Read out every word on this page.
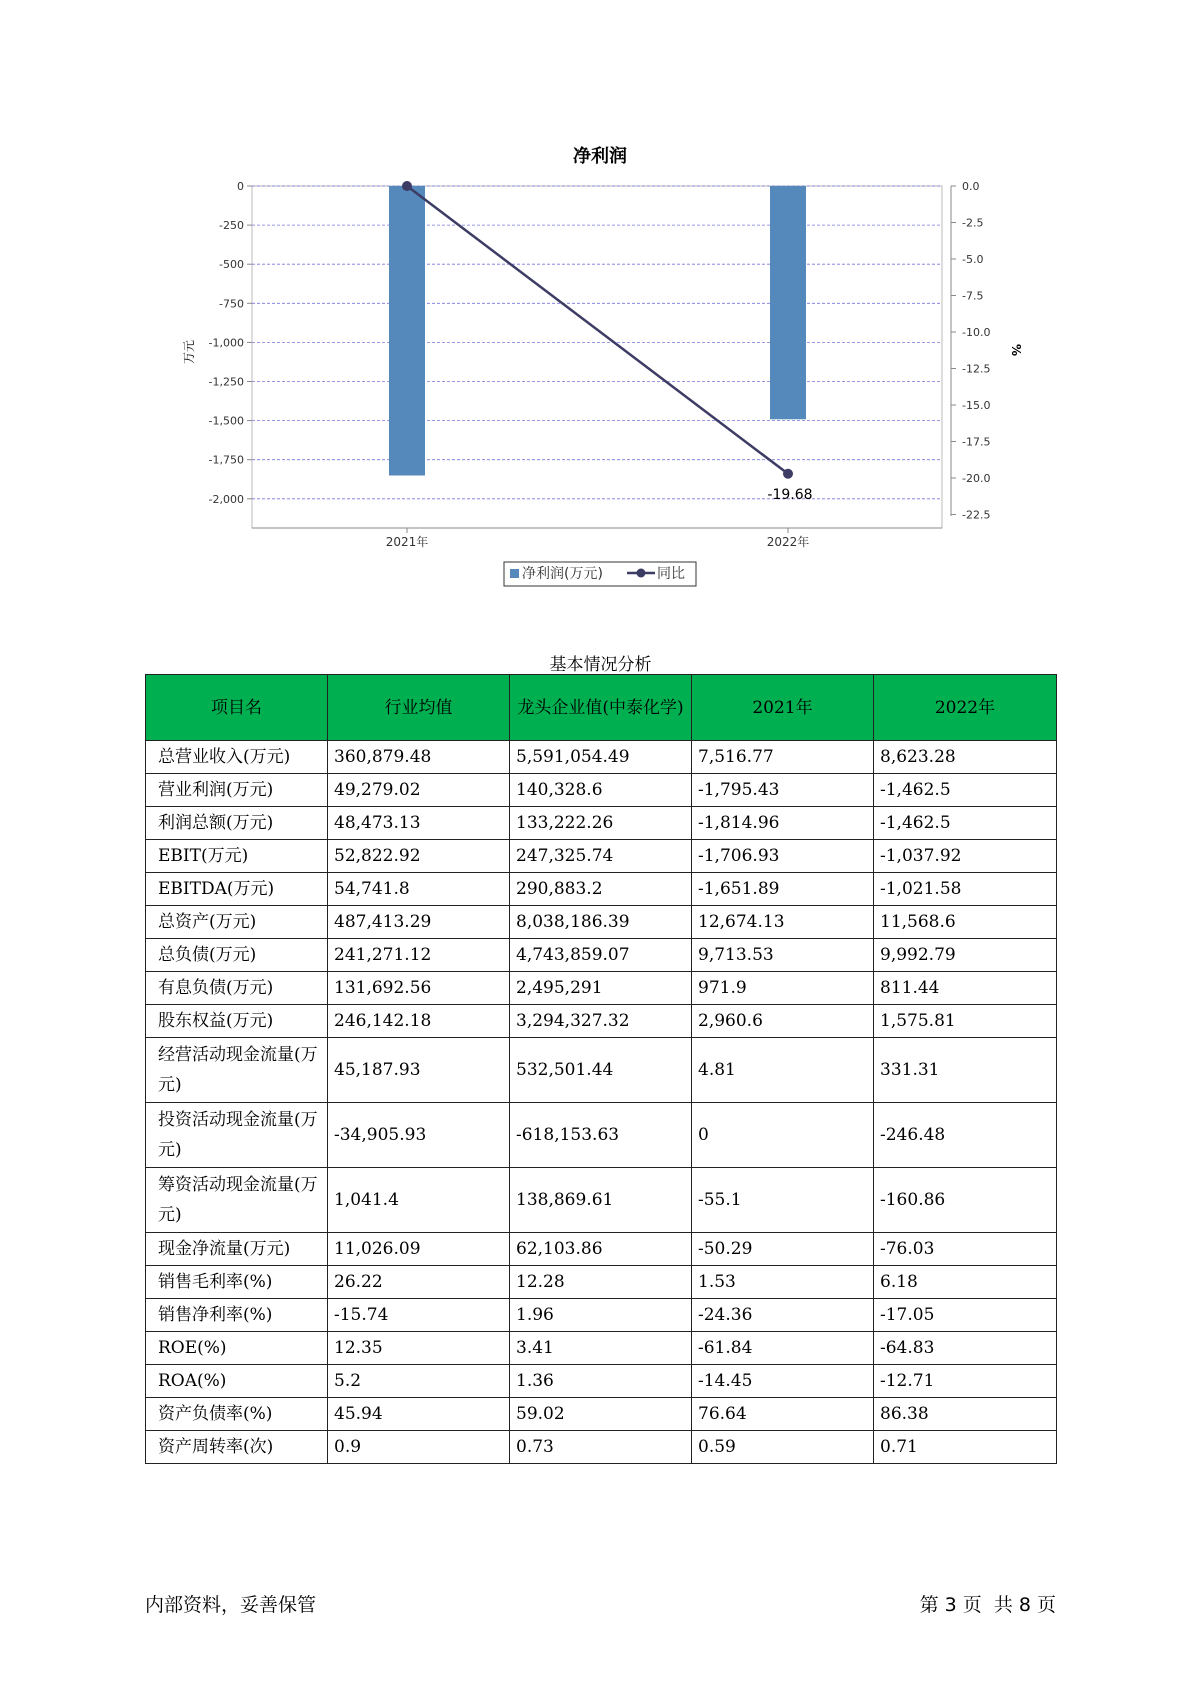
净利润
0
-250
-500
-750
-1,000
-1,250
-1,500
-1,750
-2,000
0.0
-2.5
-5.0
-7.5
-10.0
-12.5
-15.0
-17.5
-20.0
-22.5
万元	%
2021年	2022年
-19.68
净利润(万元)	同比
基本情况分析
项目名	行业均值	龙头企业值(中泰化学)	2021年	2022年
总营业收入(万元)	360,879.48	5,591,054.49	7,516.77	8,623.28
营业利润(万元)	49,279.02	140,328.6	-1,795.43	-1,462.5
利润总额(万元)	48,473.13	133,222.26	-1,814.96	-1,462.5
EBIT(万元)	52,822.92	247,325.74	-1,706.93	-1,037.92
EBITDA(万元)	54,741.8	290,883.2	-1,651.89	-1,021.58
总资产(万元)	487,413.29	8,038,186.39	12,674.13	11,568.6
总负债(万元)	241,271.12	4,743,859.07	9,713.53	9,992.79
有息负债(万元)	131,692.56	2,495,291	971.9	811.44
股东权益(万元)	246,142.18	3,294,327.32	2,960.6	1,575.81
经营活动现金流量(万元)	45,187.93	532,501.44	4.81	331.31
投资活动现金流量(万元)	-34,905.93	-618,153.63	0	-246.48
筹资活动现金流量(万元)	1,041.4	138,869.61	-55.1	-160.86
现金净流量(万元)	11,026.09	62,103.86	-50.29	-76.03
销售毛利率(%)	26.22	12.28	1.53	6.18
销售净利率(%)	-15.74	1.96	-24.36	-17.05
ROE(%)	12.35	3.41	-61.84	-64.83
ROA(%)	5.2	1.36	-14.45	-12.71
资产负债率(%)	45.94	59.02	76.64	86.38
资产周转率(次)	0.9	0.73	0.59	0.71
内部资料，妥善保管	第 3 页  共 8 页
